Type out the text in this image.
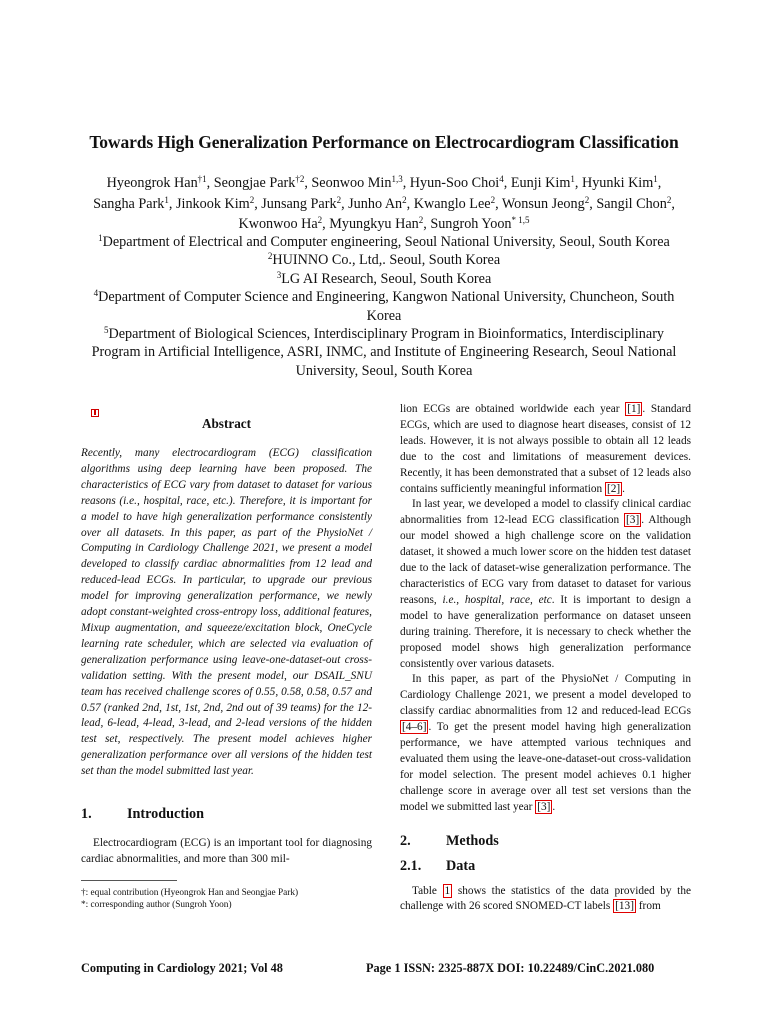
Towards High Generalization Performance on Electrocardiogram Classification
Hyeongrok Han$^{\dagger 1}$, Seongjae Park$^{\dagger 2}$, Seonwoo Min$^{1,3}$, Hyun-Soo Choi$^4$, Eunji Kim$^1$, Hyunki Kim$^1$, Sangha Park$^1$, Jinkook Kim$^2$, Junsang Park$^2$, Junho An$^2$, Kwanglo Lee$^2$, Wonsun Jeong$^2$, Sangil Chon$^2$, Kwonwoo Ha$^2$, Myungkyu Han$^2$, Sungroh Yoon$^{* 1,5}$
$^1$Department of Electrical and Computer engineering, Seoul National University, Seoul, South Korea
$^2$HUINNO Co., Ltd,. Seoul, South Korea
$^3$LG AI Research, Seoul, South Korea
$^4$Department of Computer Science and Engineering, Kangwon National University, Chuncheon, South Korea
$^5$Department of Biological Sciences, Interdisciplinary Program in Bioinformatics, Interdisciplinary Program in Artificial Intelligence, ASRI, INMC, and Institute of Engineering Research, Seoul National University, Seoul, South Korea
Abstract

Recently, many electrocardiogram (ECG) classification algorithms using deep learning have been proposed. The characteristics of ECG vary from dataset to dataset for various reasons (i.e., hospital, race, etc.). Therefore, it is important for a model to have high generalization performance consistently over all datasets. In this paper, as part of the PhysioNet / Computing in Cardiology Challenge 2021, we present a model developed to classify cardiac abnormalities from 12 lead and reduced-lead ECGs. In particular, to upgrade our previous model for improving generalization performance, we newly adopt constant-weighted cross-entropy loss, additional features, Mixup augmentation, and squeeze/excitation block, OneCycle learning rate scheduler, which are selected via evaluation of generalization performance using leave-one-dataset-out cross-validation setting. With the present model, our DSAIL_SNU team has received challenge scores of 0.55, 0.58, 0.58, 0.57 and 0.57 (ranked 2nd, 1st, 1st, 2nd, 2nd out of 39 teams) for the 12-lead, 6-lead, 4-lead, 3-lead, and 2-lead versions of the hidden test set, respectively. The present model achieves higher generalization performance over all versions of the hidden test set than the model submitted last year.

1.	Introduction

Electrocardiogram (ECG) is an important tool for diagnosing cardiac abnormalities, and more than 300 mil-

†: equal contribution (Hyeongrok Han and Seongjae Park)

*: corresponding author (Sungroh Yoon)

lion ECGs are obtained worldwide each year [1] . Standard ECGs, which are used to diagnose heart diseases, consist of 12 leads. However, it is not always possible to obtain all 12 leads due to the cost and limitations of measurement devices. Recently, it has been demonstrated that a subset of 12 leads also contains sufficiently meaningful information [2] .

In last year, we developed a model to classify clinical cardiac abnormalities from 12-lead ECG classification [3] . Although our model showed a high challenge score on the validation dataset, it showed a much lower score on the hidden test dataset due to the lack of dataset-wise generalization performance. The characteristics of ECG vary from dataset to dataset for various reasons, i.e., hospital, race, etc. It is important to design a model to have generalization performance on dataset unseen during training. Therefore, it is necessary to check whether the proposed model shows high generalization performance consistently over various datasets.

In this paper, as part of the PhysioNet / Computing in Cardiology Challenge 2021, we present a model developed to classify cardiac abnormalities from 12 and reduced-lead ECGs [4–6] . To get the present model having high generalization performance, we have attempted various techniques and evaluated them using the leave-one-dataset-out cross-validation for model selection. The present model achieves 0.1 higher challenge score in average over all test set versions than the model we submitted last year [3] .

2.	Methods
2.1.	Data

Table 1 shows the statistics of the data provided by the challenge with 26 scored SNOMED-CT labels [13] from

Computing in Cardiology 2021; Vol 48	Page 1 ISSN: 2325-887X DOI: 10.22489/CinC.2021.080
